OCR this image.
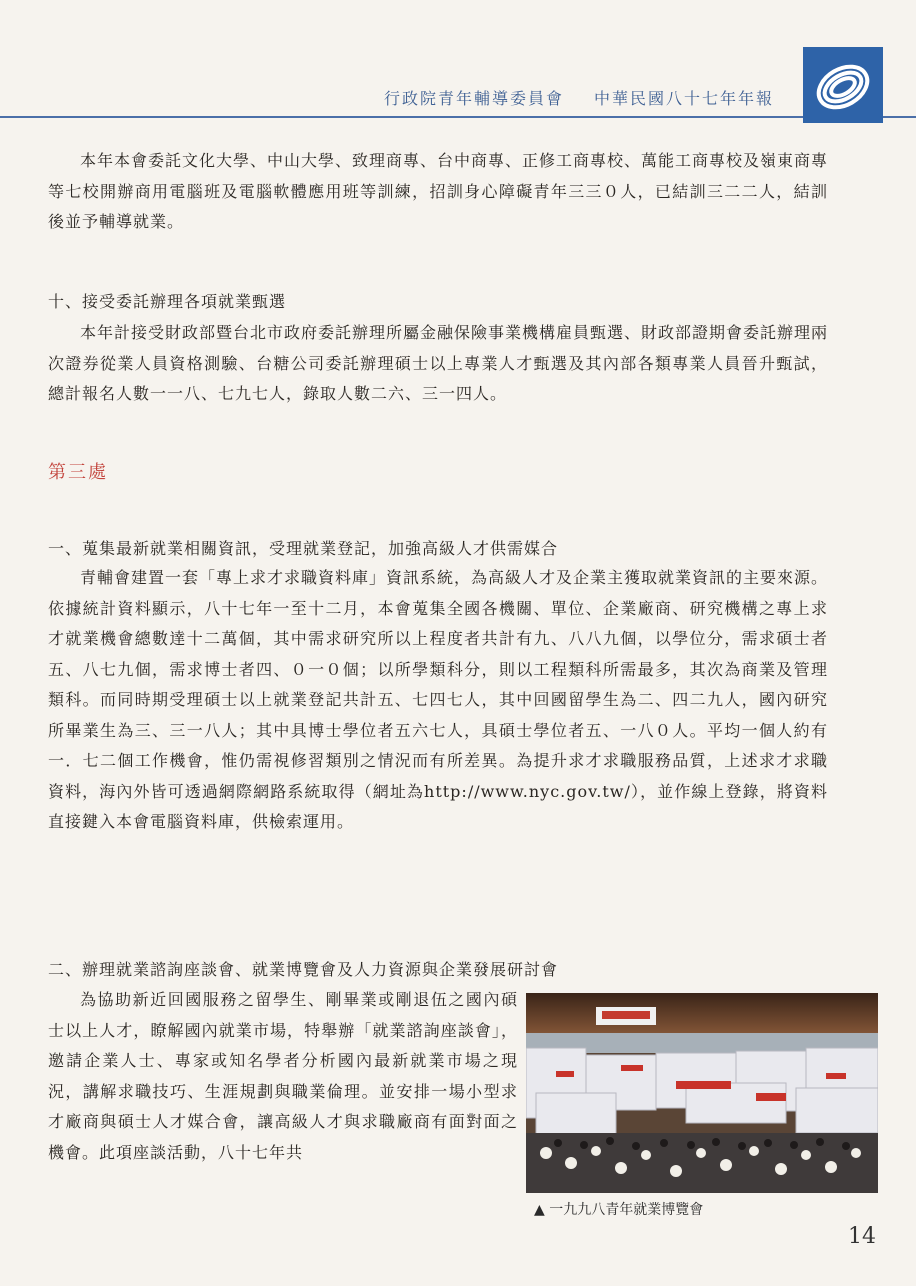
行政院青年輔導委員會 中華民國八十七年年報

本年本會委託文化大學、中山大學、致理商專、台中商專、正修工商專校、萬能工商專校及嶺東商專等七校開辦商用電腦班及電腦軟體應用班等訓練，招訓身心障礙青年三三０人，已結訓三二二人，結訓後並予輔導就業。

十、接受委託辦理各項就業甄選

本年計接受財政部暨台北市政府委託辦理所屬金融保險事業機構雇員甄選、財政部證期會委託辦理兩次證券從業人員資格測驗、台糖公司委託辦理碩士以上專業人才甄選及其內部各類專業人員晉升甄試，總計報名人數一一八、七九七人，錄取人數二六、三一四人。

第三處
一、蒐集最新就業相關資訊，受理就業登記，加強高級人才供需媒合

青輔會建置一套「專上求才求職資料庫」資訊系統，為高級人才及企業主獲取就業資訊的主要來源。依據統計資料顯示，八十七年一至十二月，本會蒐集全國各機關、單位、企業廠商、研究機構之專上求才就業機會總數達十二萬個，其中需求研究所以上程度者共計有九、八八九個，以學位分，需求碩士者五、八七九個，需求博士者四、０一０個；以所學類科分，則以工程類科所需最多，其次為商業及管理類科。而同時期受理碩士以上就業登記共計五、七四七人，其中回國留學生為二、四二九人，國內研究所畢業生為三、三一八人；其中具博士學位者五六七人，具碩士學位者五、一八０人。平均一個人約有一．七二個工作機會，惟仍需視修習類別之情況而有所差異。為提升求才求職服務品質，上述求才求職資料，海內外皆可透過網際網路系統取得（網址為http://www.nyc.gov.tw/），並作線上登錄，將資料直接鍵入本會電腦資料庫，供檢索運用。

二、辦理就業諮詢座談會、就業博覽會及人力資源與企業發展研討會

為協助新近回國服務之留學生、剛畢業或剛退伍之國內碩士以上人才，瞭解國內就業市場，特舉辦「就業諮詢座談會」，邀請企業人士、專家或知名學者分析國內最新就業市場之現況，講解求職技巧、生涯規劃與職業倫理。並安排一場小型求才廠商與碩士人才媒合會，讓高級人才與求職廠商有面對面之機會。此項座談活動，八十七年共

▲ 一九九八青年就業博覽會
14
